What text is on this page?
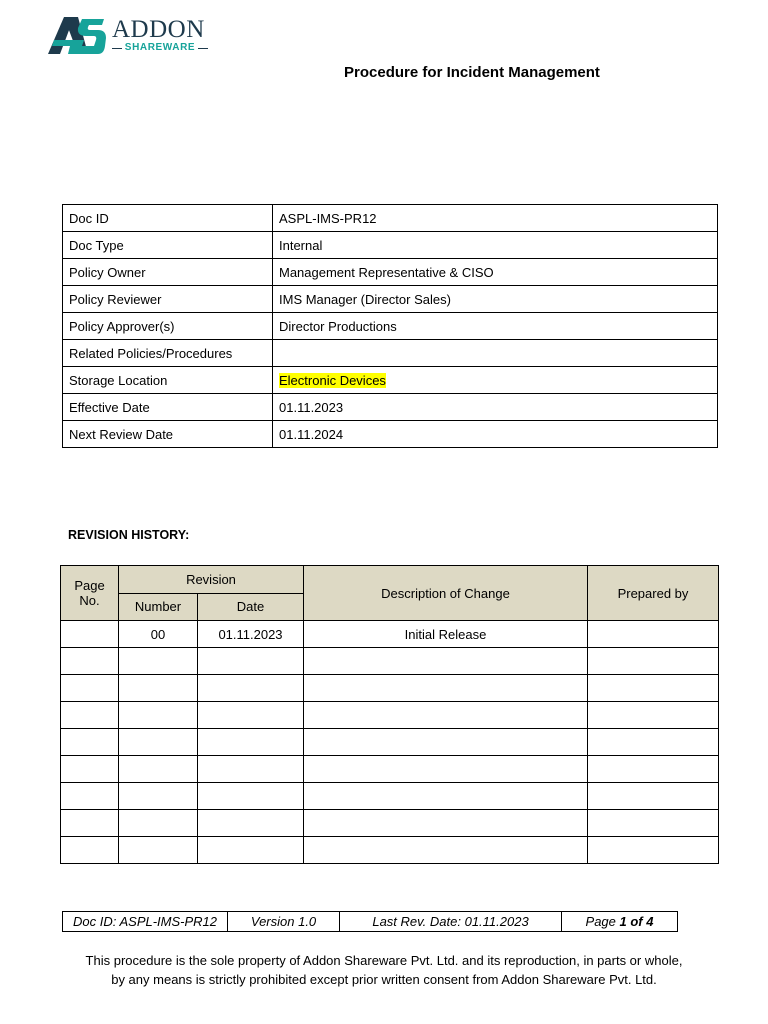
ADDON
SHAREWARE
Procedure for Incident Management
Doc ID	ASPL-IMS-PR12
Doc Type	Internal
Policy Owner	Management Representative & CISO
Policy Reviewer	IMS Manager (Director Sales)
Policy Approver(s)	Director Productions
Related Policies/Procedures	
Storage Location	Electronic Devices
Effective Date	01.11.2023
Next Review Date	01.11.2024
REVISION HISTORY:
Page No.	Revision		Description of Change	Prepared by
	Number	Date		
	00	01.11.2023	Initial Release	

Doc ID: ASPL-IMS-PR12	Version 1.0	Last Rev. Date: 01.11.2023	Page 1 of 4
This procedure is the sole property of Addon Shareware Pvt. Ltd. and its reproduction, in parts or whole,
by any means is strictly prohibited except prior written consent from Addon Shareware Pvt. Ltd.
